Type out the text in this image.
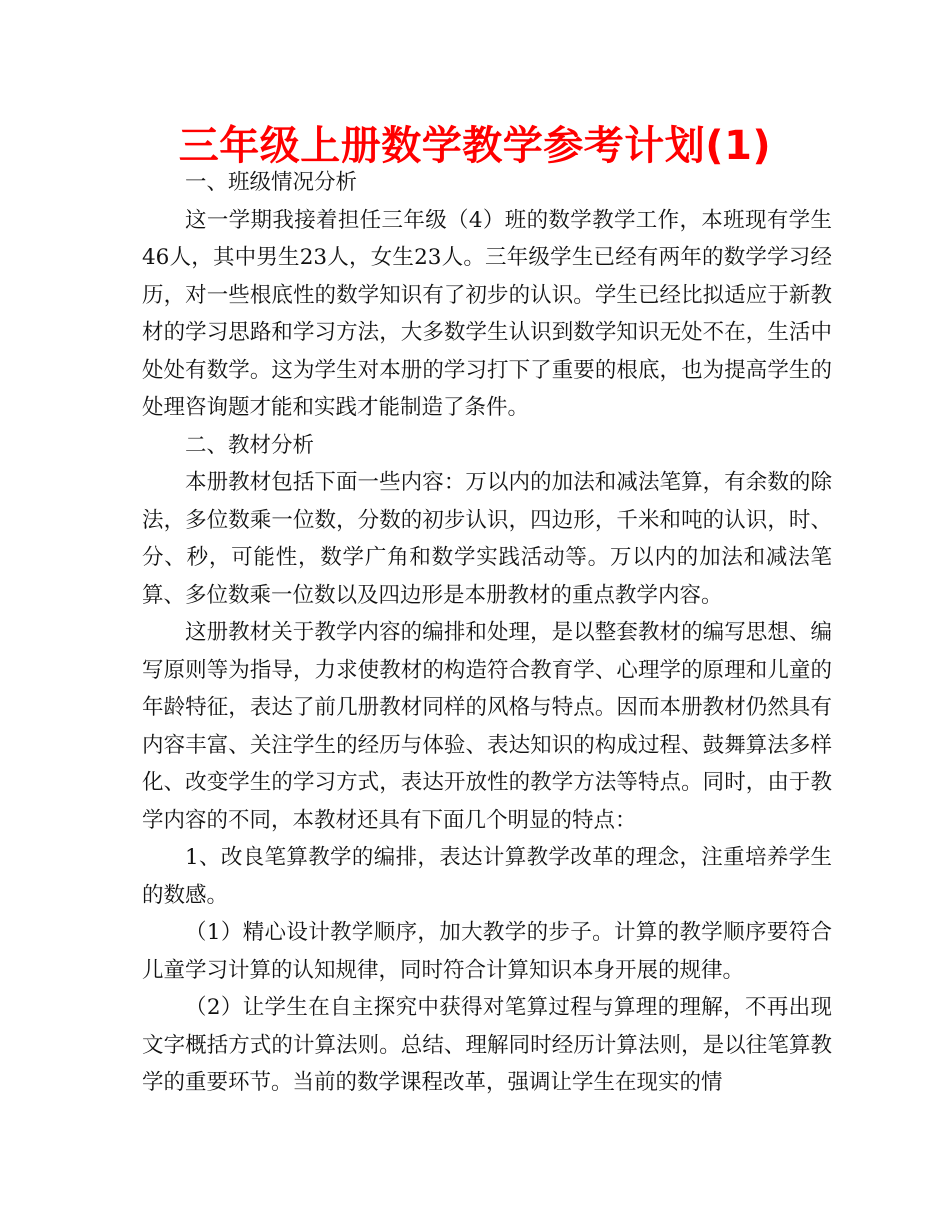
三年级上册数学教学参考计划(1)

一、班级情况分析

这一学期我接着担任三年级（4）班的数学教学工作，本班现有学生46人，其中男生23人，女生23人。三年级学生已经有两年的数学学习经历，对一些根底性的数学知识有了初步的认识。学生已经比拟适应于新教材的学习思路和学习方法，大多数学生认识到数学知识无处不在，生活中处处有数学。这为学生对本册的学习打下了重要的根底，也为提高学生的处理咨询题才能和实践才能制造了条件。

二、教材分析

本册教材包括下面一些内容：万以内的加法和减法笔算，有余数的除法，多位数乘一位数，分数的初步认识，四边形，千米和吨的认识，时、分、秒，可能性，数学广角和数学实践活动等。万以内的加法和减法笔算、多位数乘一位数以及四边形是本册教材的重点教学内容。

这册教材关于教学内容的编排和处理，是以整套教材的编写思想、编写原则等为指导，力求使教材的构造符合教育学、心理学的原理和儿童的年龄特征，表达了前几册教材同样的风格与特点。因而本册教材仍然具有内容丰富、关注学生的经历与体验、表达知识的构成过程、鼓舞算法多样化、改变学生的学习方式，表达开放性的教学方法等特点。同时，由于教学内容的不同，本教材还具有下面几个明显的特点：

1、改良笔算教学的编排，表达计算教学改革的理念，注重培养学生的数感。

（1）精心设计教学顺序，加大教学的步子。计算的教学顺序要符合儿童学习计算的认知规律，同时符合计算知识本身开展的规律。

（2）让学生在自主探究中获得对笔算过程与算理的理解，不再出现文字概括方式的计算法则。总结、理解同时经历计算法则，是以往笔算教学的重要环节。当前的数学课程改革，强调让学生在现实的情
